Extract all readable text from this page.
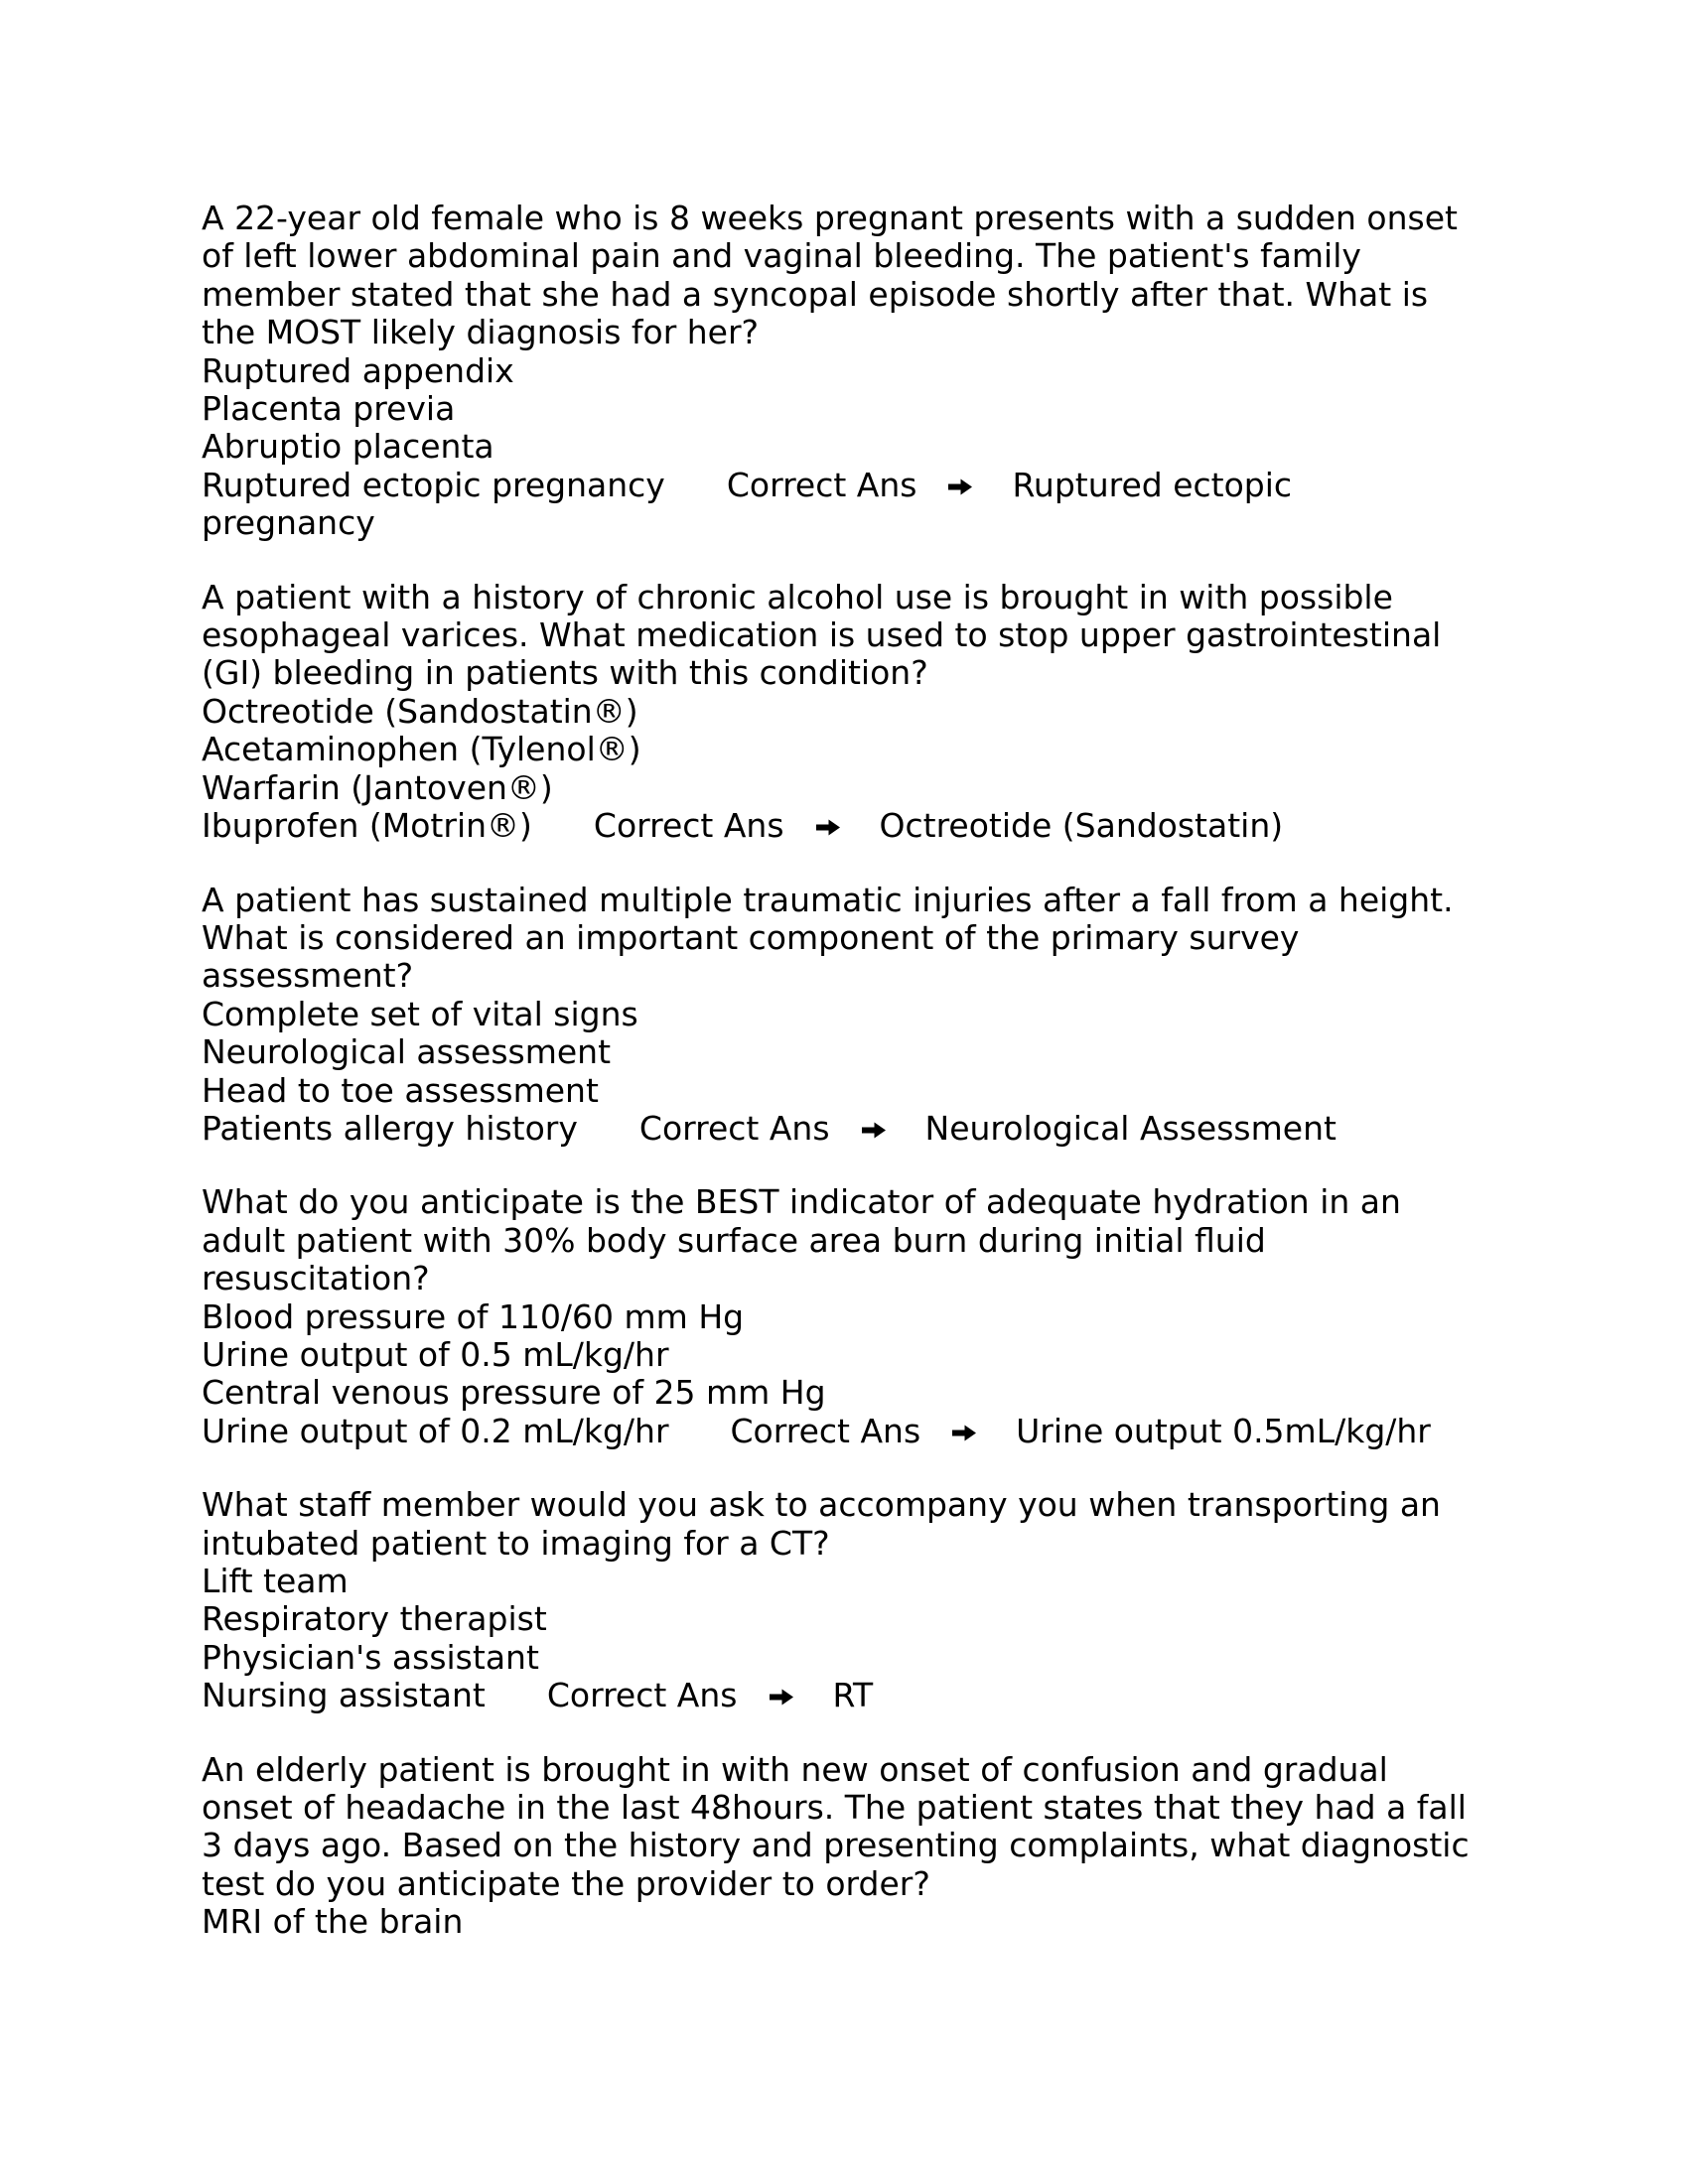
A 22-year old female who is 8 weeks pregnant presents with a sudden onset
of left lower abdominal pain and vaginal bleeding. The patient's family
member stated that she had a syncopal episode shortly after that. What is
the MOST likely diagnosis for her?
Ruptured appendix
Placenta previa
Abruptio placenta
Ruptured ectopic pregnancy Correct Ans	Ruptured ectopic
pregnancy
A patient with a history of chronic alcohol use is brought in with possible
esophageal varices. What medication is used to stop upper gastrointestinal
(GI) bleeding in patients with this condition?
Octreotide (Sandostatin®)
Acetaminophen (Tylenol®)
Warfarin (Jantoven®)
Ibuprofen (Motrin®) Correct Ans	Octreotide (Sandostatin)
A patient has sustained multiple traumatic injuries after a fall from a height.
What is considered an important component of the primary survey
assessment?
Complete set of vital signs
Neurological assessment
Head to toe assessment
Patients allergy history Correct Ans	Neurological Assessment
What do you anticipate is the BEST indicator of adequate hydration in an
adult patient with 30% body surface area burn during initial fluid
resuscitation?
Blood pressure of 110/60 mm Hg
Urine output of 0.5 mL/kg/hr
Central venous pressure of 25 mm Hg
Urine output of 0.2 mL/kg/hr Correct Ans	Urine output 0.5mL/kg/hr
What staff member would you ask to accompany you when transporting an
intubated patient to imaging for a CT?
Lift team
Respiratory therapist
Physician's assistant
Nursing assistant Correct Ans	RT
An elderly patient is brought in with new onset of confusion and gradual
onset of headache in the last 48hours. The patient states that they had a fall
3 days ago. Based on the history and presenting complaints, what diagnostic
test do you anticipate the provider to order?
MRI of the brain
